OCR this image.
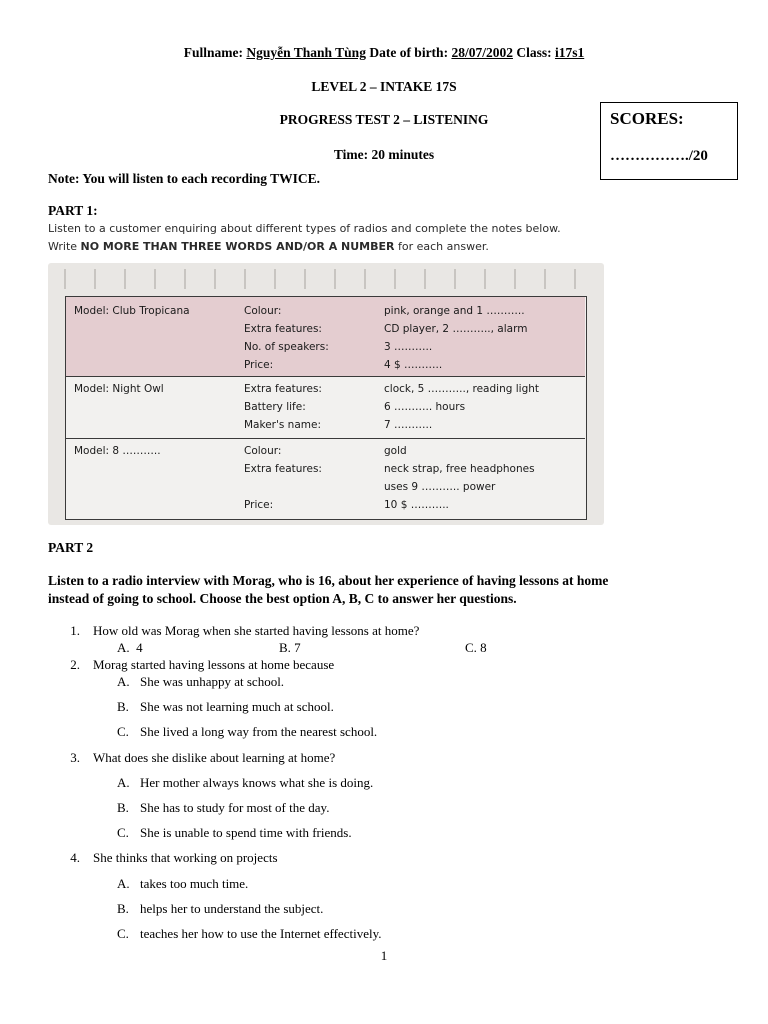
Fullname: Nguyễn Thanh Tùng Date of birth: 28/07/2002 Class: i17s1
LEVEL 2 – INTAKE 17S
PROGRESS TEST 2 – LISTENING
Time: 20 minutes
Note: You will listen to each recording TWICE.
SCORES:
……………./20
PART 1:
Listen to a customer enquiring about different types of radios and complete the notes below.
Write NO MORE THAN THREE WORDS AND/OR A NUMBER for each answer.
Model: Club Tropicana	Colour:	pink, orange and 1 ………..
Extra features:	CD player, 2 ……….., alarm
No. of speakers:	3 ………..
Price:	4 $ ………..
Model: Night Owl	Extra features:	clock, 5 ……….., reading light
Battery life:	6 ……….. hours
Maker's name:	7 ………..
Model: 8 ………..	Colour:	gold
Extra features:	neck strap, free headphones
uses 9 ……….. power
Price:	10 $ ………..
PART 2
Listen to a radio interview with Morag, who is 16, about her experience of having lessons at home
instead of going to school. Choose the best option A, B, C to answer her questions.
1. How old was Morag when she started having lessons at home?
A. 4	B. 7	C. 8
2. Morag started having lessons at home because
A. She was unhappy at school.
B. She was not learning much at school.
C. She lived a long way from the nearest school.
3. What does she dislike about learning at home?
A. Her mother always knows what she is doing.
B. She has to study for most of the day.
C. She is unable to spend time with friends.
4. She thinks that working on projects
A. takes too much time.
B. helps her to understand the subject.
C. teaches her how to use the Internet effectively.
1
